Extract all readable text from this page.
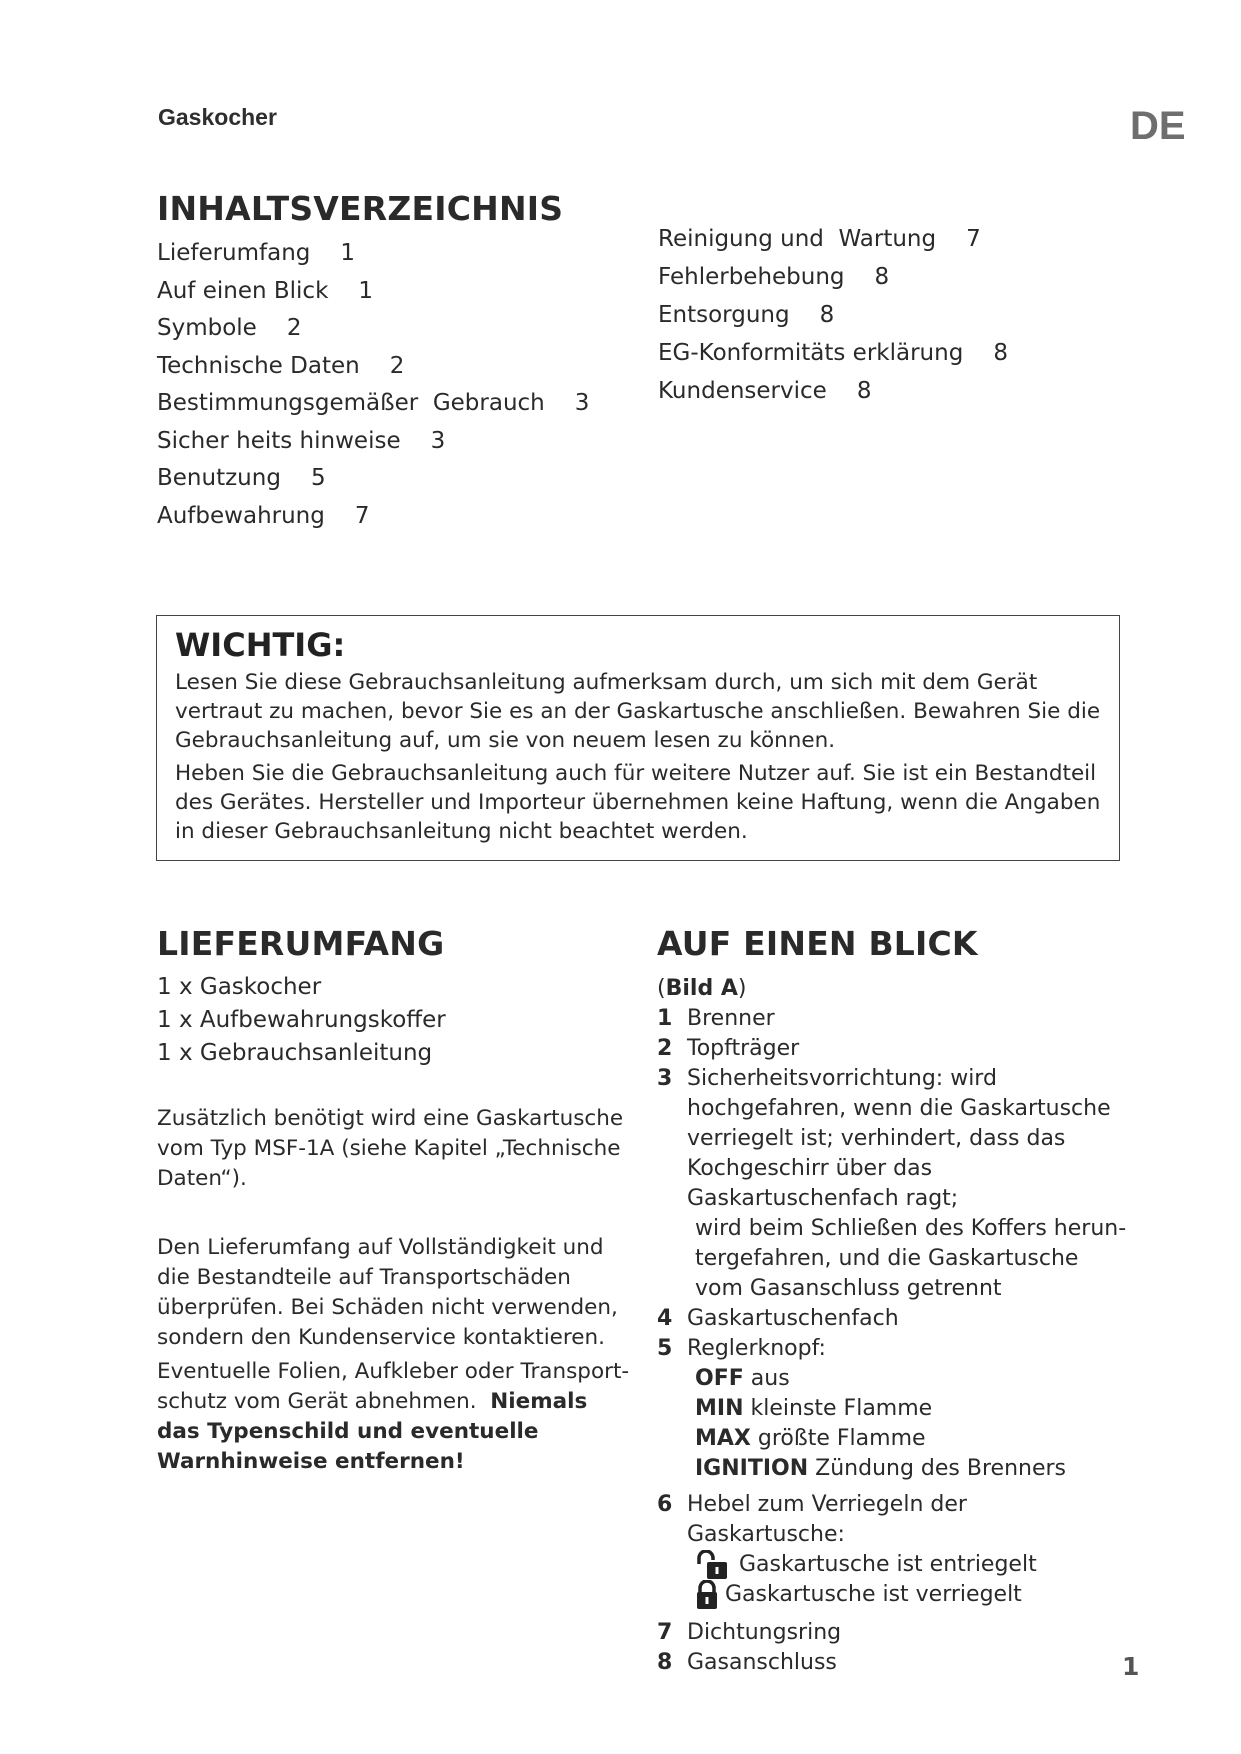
Gaskocher	DE
INHALTSVERZEICHNIS
Lieferumfang 1
Auf einen Blick 1
Symbole 2
Technische Daten 2
Bestimmungsgemäßer  Gebrauch 3
Sicher heits hinweise 3
Benutzung 5
Aufbewahrung 7
Reinigung und  Wartung 7
Fehlerbehebung 8
Entsorgung 8
EG-Konformitäts erklärung 8
Kundenservice 8
WICHTIG:

Lesen Sie diese Gebrauchsanleitung aufmerksam durch, um sich mit dem Gerät vertraut zu machen, bevor Sie es an der Gaskartusche anschließen. Bewahren Sie die Gebrauchsanleitung auf, um sie von neuem lesen zu können.

Heben Sie die Gebrauchsanleitung auch für weitere Nutzer auf. Sie ist ein Bestandteil des Gerätes. Hersteller und Importeur übernehmen keine Haftung, wenn die Angaben in dieser Gebrauchsanleitung nicht beachtet werden.

LIEFERUMFANG
1 x Gaskocher
1 x Aufbewahrungskoffer
1 x Gebrauchsanleitung
Zusätzlich benötigt wird eine Gaskartusche vom Typ MSF-1A (siehe Kapitel „Technische Daten“).

Den Lieferumfang auf Vollständigkeit und die Bestandteile auf Transportschäden überprüfen. Bei Schäden nicht verwenden, sondern den Kundenservice kontaktieren.

Eventuelle Folien, Aufkleber oder Transportschutz vom Gerät abnehmen. Niemals das Typenschild und eventuelle Warnhinweise entfernen!

AUF EINEN BLICK
(Bild A)
1 Brenner
2 Topfträger
3 Sicherheitsvorrichtung: wird hochgefahren, wenn die Gaskartusche verriegelt ist; verhindert, dass das Kochgeschirr über das Gaskartuschenfach ragt;
wird beim Schließen des Koffers heruntergefahren, und die Gaskartusche vom Gasanschluss getrennt
4 Gaskartuschenfach
5 Reglerknopf:
OFF aus
MIN kleinste Flamme
MAX größte Flamme
IGNITION Zündung des Brenners
6 Hebel zum Verriegeln der Gaskartusche:
Gaskartusche ist entriegelt
Gaskartusche ist verriegelt
7 Dichtungsring
8 Gasanschluss	1
